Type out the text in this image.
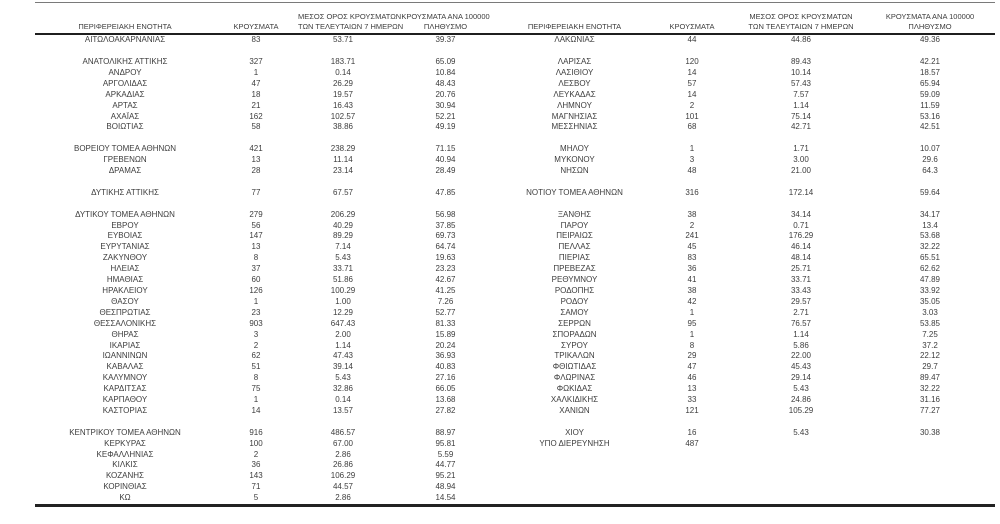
ΠΕΡΙΦΕΡΕΙΑΚΗ ΕΝΟΤΗΤΑ	ΚΡΟΥΣΜΑΤΑ	ΜΕΣΟΣ ΟΡΟΣ ΚΡΟΥΣΜΑΤΩΝ
ΤΩΝ ΤΕΛΕΥΤΑΙΩΝ 7 ΗΜΕΡΩΝ	ΚΡΟΥΣΜΑΤΑ ΑΝΑ 100000
ΠΛΗΘΥΣΜΟ	ΠΕΡΙΦΕΡΕΙΑΚΗ ΕΝΟΤΗΤΑ	ΚΡΟΥΣΜΑΤΑ	ΜΕΣΟΣ ΟΡΟΣ ΚΡΟΥΣΜΑΤΩΝ
ΤΩΝ ΤΕΛΕΥΤΑΙΩΝ 7 ΗΜΕΡΩΝ	ΚΡΟΥΣΜΑΤΑ ΑΝΑ 100000
ΠΛΗΘΥΣΜΟ

ΑΙΤΩΛΟΑΚΑΡΝΑΝΙΑΣ	83	53.71	39.37	ΛΑΚΩΝΙΑΣ	44	44.86	49.36

ΑΝΑΤΟΛΙΚΗΣ ΑΤΤΙΚΗΣ	327	183.71	65.09	ΛΑΡΙΣΑΣ	120	89.43	42.21
ΑΝΔΡΟΥ	1	0.14	10.84	ΛΑΣΙΘΙΟΥ	14	10.14	18.57
ΑΡΓΟΛΙΔΑΣ	47	26.29	48.43	ΛΕΣΒΟΥ	57	57.43	65.94
ΑΡΚΑΔΙΑΣ	18	19.57	20.76	ΛΕΥΚΑΔΑΣ	14	7.57	59.09
ΑΡΤΑΣ	21	16.43	30.94	ΛΗΜΝΟΥ	2	1.14	11.59
ΑΧΑΪΑΣ	162	102.57	52.21	ΜΑΓΝΗΣΙΑΣ	101	75.14	53.16
ΒΟΙΩΤΙΑΣ	58	38.86	49.19	ΜΕΣΣΗΝΙΑΣ	68	42.71	42.51

ΒΟΡΕΙΟΥ ΤΟΜΕΑ ΑΘΗΝΩΝ	421	238.29	71.15	ΜΗΛΟΥ	1	1.71	10.07
ΓΡΕΒΕΝΩΝ	13	11.14	40.94	ΜΥΚΟΝΟΥ	3	3.00	29.6
ΔΡΑΜΑΣ	28	23.14	28.49	ΝΗΣΩΝ	48	21.00	64.3

ΔΥΤΙΚΗΣ ΑΤΤΙΚΗΣ	77	67.57	47.85	ΝΟΤΙΟΥ ΤΟΜΕΑ ΑΘΗΝΩΝ	316	172.14	59.64

ΔΥΤΙΚΟΥ ΤΟΜΕΑ ΑΘΗΝΩΝ	279	206.29	56.98	ΞΑΝΘΗΣ	38	34.14	34.17
ΕΒΡΟΥ	56	40.29	37.85	ΠΑΡΟΥ	2	0.71	13.4
ΕΥΒΟΙΑΣ	147	89.29	69.73	ΠΕΙΡΑΙΩΣ	241	176.29	53.68
ΕΥΡΥΤΑΝΙΑΣ	13	7.14	64.74	ΠΕΛΛΑΣ	45	46.14	32.22
ΖΑΚΥΝΘΟΥ	8	5.43	19.63	ΠΙΕΡΙΑΣ	83	48.14	65.51
ΗΛΕΙΑΣ	37	33.71	23.23	ΠΡΕΒΕΖΑΣ	36	25.71	62.62
ΗΜΑΘΙΑΣ	60	51.86	42.67	ΡΕΘΥΜΝΟΥ	41	33.71	47.89
ΗΡΑΚΛΕΙΟΥ	126	100.29	41.25	ΡΟΔΟΠΗΣ	38	33.43	33.92
ΘΑΣΟΥ	1	1.00	7.26	ΡΟΔΟΥ	42	29.57	35.05
ΘΕΣΠΡΩΤΙΑΣ	23	12.29	52.77	ΣΑΜΟΥ	1	2.71	3.03
ΘΕΣΣΑΛΟΝΙΚΗΣ	903	647.43	81.33	ΣΕΡΡΩΝ	95	76.57	53.85
ΘΗΡΑΣ	3	2.00	15.89	ΣΠΟΡΑΔΩΝ	1	1.14	7.25
ΙΚΑΡΙΑΣ	2	1.14	20.24	ΣΥΡΟΥ	8	5.86	37.2
ΙΩΑΝΝΙΝΩΝ	62	47.43	36.93	ΤΡΙΚΑΛΩΝ	29	22.00	22.12
ΚΑΒΑΛΑΣ	51	39.14	40.83	ΦΘΙΩΤΙΔΑΣ	47	45.43	29.7
ΚΑΛΥΜΝΟΥ	8	5.43	27.16	ΦΛΩΡΙΝΑΣ	46	29.14	89.47
ΚΑΡΔΙΤΣΑΣ	75	32.86	66.05	ΦΩΚΙΔΑΣ	13	5.43	32.22
ΚΑΡΠΑΘΟΥ	1	0.14	13.68	ΧΑΛΚΙΔΙΚΗΣ	33	24.86	31.16
ΚΑΣΤΟΡΙΑΣ	14	13.57	27.82	ΧΑΝΙΩΝ	121	105.29	77.27

ΚΕΝΤΡΙΚΟΥ ΤΟΜΕΑ ΑΘΗΝΩΝ	916	486.57	88.97	ΧΙΟΥ	16	5.43	30.38
ΚΕΡΚΥΡΑΣ	100	67.00	95.81	ΥΠΟ ΔΙΕΡΕΥΝΗΣΗ	487		
ΚΕΦΑΛΛΗΝΙΑΣ	2	2.86	5.59				
ΚΙΛΚΙΣ	36	26.86	44.77				
ΚΟΖΑΝΗΣ	143	106.29	95.21				
ΚΟΡΙΝΘΙΑΣ	71	44.57	48.94				
ΚΩ	5	2.86	14.54				
